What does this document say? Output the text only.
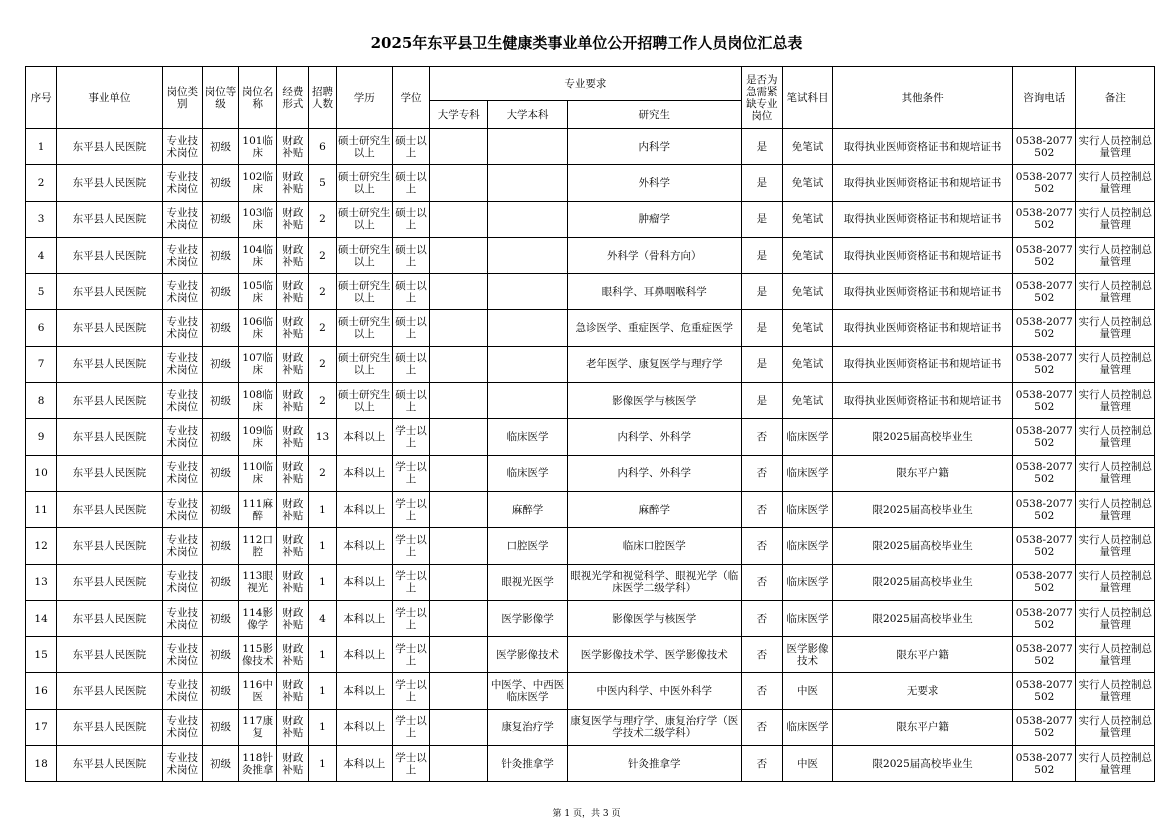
2025年东平县卫生健康类事业单位公开招聘工作人员岗位汇总表
序号	事业单位	岗位类别	岗位等级	岗位名称	经费形式	招聘人数	学历	学位	专业要求			是否为急需紧缺专业岗位	笔试科目	其他条件	咨询电话	备注
									大学专科	大学本科	研究生					
1	东平县人民医院	专业技术岗位	初级	101临床	财政补贴	6	硕士研究生以上	硕士以上			内科学	是	免笔试	取得执业医师资格证书和规培证书	0538-2077502	实行人员控制总量管理
2	东平县人民医院	专业技术岗位	初级	102临床	财政补贴	5	硕士研究生以上	硕士以上			外科学	是	免笔试	取得执业医师资格证书和规培证书	0538-2077502	实行人员控制总量管理
3	东平县人民医院	专业技术岗位	初级	103临床	财政补贴	2	硕士研究生以上	硕士以上			肿瘤学	是	免笔试	取得执业医师资格证书和规培证书	0538-2077502	实行人员控制总量管理
4	东平县人民医院	专业技术岗位	初级	104临床	财政补贴	2	硕士研究生以上	硕士以上			外科学（骨科方向）	是	免笔试	取得执业医师资格证书和规培证书	0538-2077502	实行人员控制总量管理
5	东平县人民医院	专业技术岗位	初级	105临床	财政补贴	2	硕士研究生以上	硕士以上			眼科学、耳鼻咽喉科学	是	免笔试	取得执业医师资格证书和规培证书	0538-2077502	实行人员控制总量管理
6	东平县人民医院	专业技术岗位	初级	106临床	财政补贴	2	硕士研究生以上	硕士以上			急诊医学、重症医学、危重症医学	是	免笔试	取得执业医师资格证书和规培证书	0538-2077502	实行人员控制总量管理
7	东平县人民医院	专业技术岗位	初级	107临床	财政补贴	2	硕士研究生以上	硕士以上			老年医学、康复医学与理疗学	是	免笔试	取得执业医师资格证书和规培证书	0538-2077502	实行人员控制总量管理
8	东平县人民医院	专业技术岗位	初级	108临床	财政补贴	2	硕士研究生以上	硕士以上			影像医学与核医学	是	免笔试	取得执业医师资格证书和规培证书	0538-2077502	实行人员控制总量管理
9	东平县人民医院	专业技术岗位	初级	109临床	财政补贴	13	本科以上	学士以上		临床医学	内科学、外科学	否	临床医学	限2025届高校毕业生	0538-2077502	实行人员控制总量管理
10	东平县人民医院	专业技术岗位	初级	110临床	财政补贴	2	本科以上	学士以上		临床医学	内科学、外科学	否	临床医学	限东平户籍	0538-2077502	实行人员控制总量管理
11	东平县人民医院	专业技术岗位	初级	111麻醉	财政补贴	1	本科以上	学士以上		麻醉学	麻醉学	否	临床医学	限2025届高校毕业生	0538-2077502	实行人员控制总量管理
12	东平县人民医院	专业技术岗位	初级	112口腔	财政补贴	1	本科以上	学士以上		口腔医学	临床口腔医学	否	临床医学	限2025届高校毕业生	0538-2077502	实行人员控制总量管理
13	东平县人民医院	专业技术岗位	初级	113眼视光	财政补贴	1	本科以上	学士以上		眼视光医学	眼视光学和视觉科学、眼视光学（临床医学二级学科）	否	临床医学	限2025届高校毕业生	0538-2077502	实行人员控制总量管理
14	东平县人民医院	专业技术岗位	初级	114影像学	财政补贴	4	本科以上	学士以上		医学影像学	影像医学与核医学	否	临床医学	限2025届高校毕业生	0538-2077502	实行人员控制总量管理
15	东平县人民医院	专业技术岗位	初级	115影像技术	财政补贴	1	本科以上	学士以上		医学影像技术	医学影像技术学、医学影像技术	否	医学影像技术	限东平户籍	0538-2077502	实行人员控制总量管理
16	东平县人民医院	专业技术岗位	初级	116中医	财政补贴	1	本科以上	学士以上		中医学、中西医临床医学	中医内科学、中医外科学	否	中医	无要求	0538-2077502	实行人员控制总量管理
17	东平县人民医院	专业技术岗位	初级	117康复	财政补贴	1	本科以上	学士以上		康复治疗学	康复医学与理疗学、康复治疗学（医学技术二级学科）	否	临床医学	限东平户籍	0538-2077502	实行人员控制总量管理
18	东平县人民医院	专业技术岗位	初级	118针灸推拿	财政补贴	1	本科以上	学士以上		针灸推拿学	针灸推拿学	否	中医	限2025届高校毕业生	0538-2077502	实行人员控制总量管理
第 1 页，共 3 页
